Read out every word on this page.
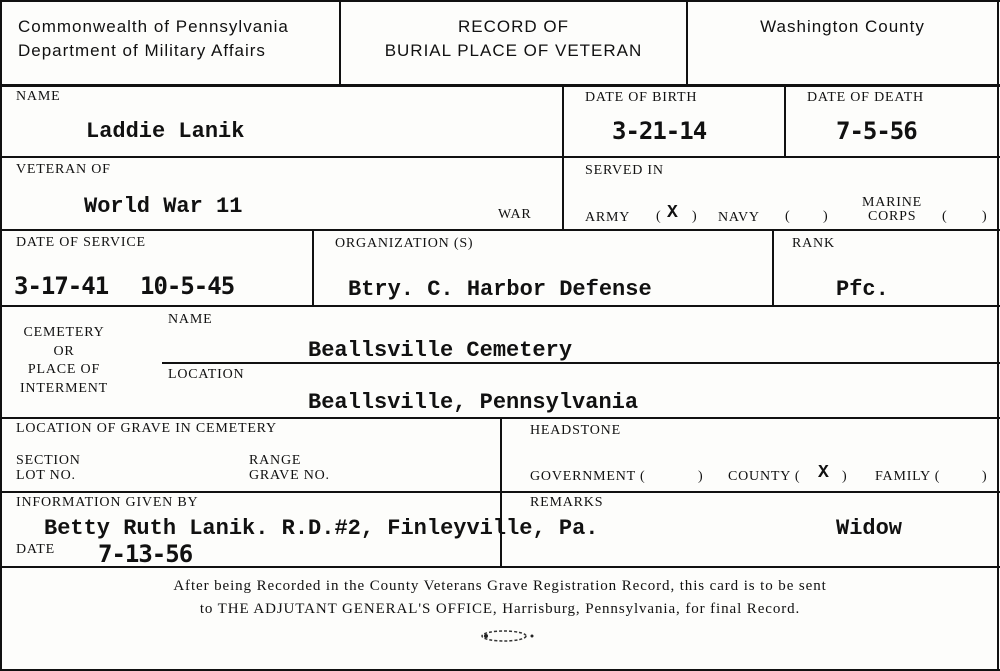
Commonwealth of Pennsylvania
Department of Military Affairs
RECORD OF
BURIAL PLACE OF VETERAN
Washington County
NAME
Laddie Lanik
DATE OF BIRTH
3-21-14
DATE OF DEATH
7-5-56
VETERAN OF
World War 11	WAR
SERVED IN
ARMY ( X ) NAVY ( )
MARINE
CORPS ( )
DATE OF SERVICE
3-17-41 10-5-45
ORGANIZATION (S)
Btry. C. Harbor Defense
RANK
Pfc.
CEMETERY
OR
PLACE OF
INTERMENT
NAME
Beallsville Cemetery
LOCATION
Beallsville, Pennsylvania
LOCATION OF GRAVE IN CEMETERY
SECTION
LOT NO.
RANGE
GRAVE NO.
HEADSTONE
GOVERNMENT (	) COUNTY ( X ) FAMILY (	)
INFORMATION GIVEN BY
Betty Ruth Lanik. R.D.#2, Finleyville, Pa.
DATE 7-13-56
REMARKS
Widow
After being Recorded in the County Veterans Grave Registration Record, this card is to be sent
to THE ADJUTANT GENERAL'S OFFICE, Harrisburg, Pennsylvania, for final Record.
